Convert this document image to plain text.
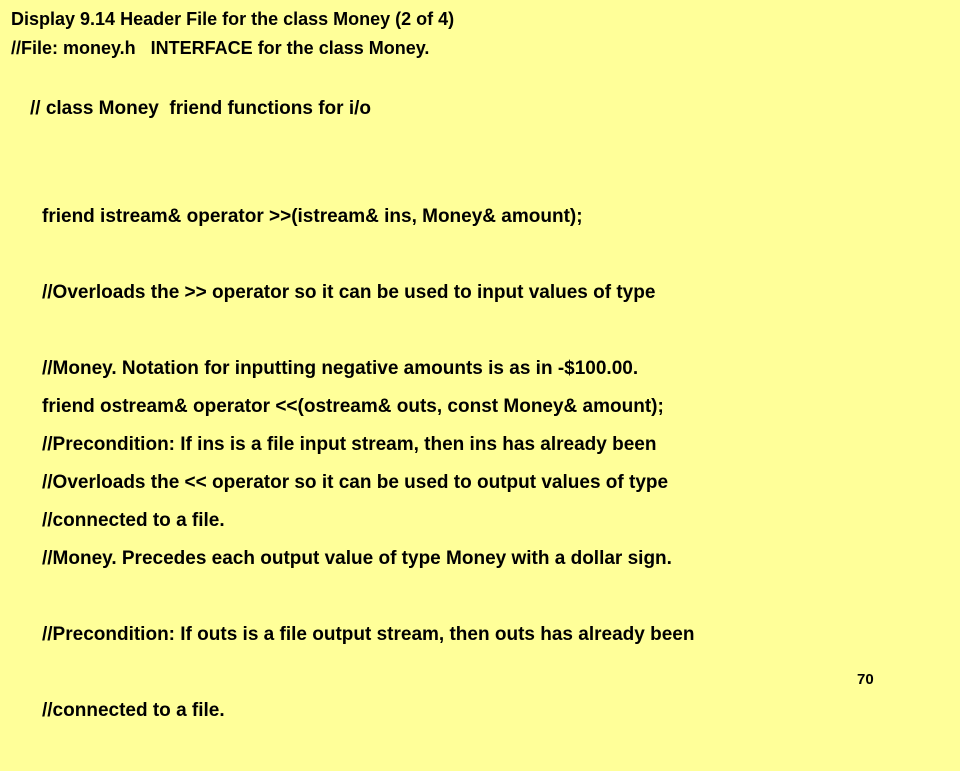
Display 9.14 Header File for the class Money (2 of 4)
//File: money.h   INTERFACE for the class Money.
// class Money  friend functions for i/o

friend istream& operator >>(istream& ins, Money& amount);

//Overloads the >> operator so it can be used to input values of type

//Money. Notation for inputting negative amounts is as in -$100.00.

//Precondition: If ins is a file input stream, then ins has already been

//connected to a file.

friend ostream& operator <<(ostream& outs, const Money& amount);

//Overloads the << operator so it can be used to output values of type

//Money. Precedes each output value of type Money with a dollar sign.

//Precondition: If outs is a file output stream, then outs has already been

//connected to a file.

70
